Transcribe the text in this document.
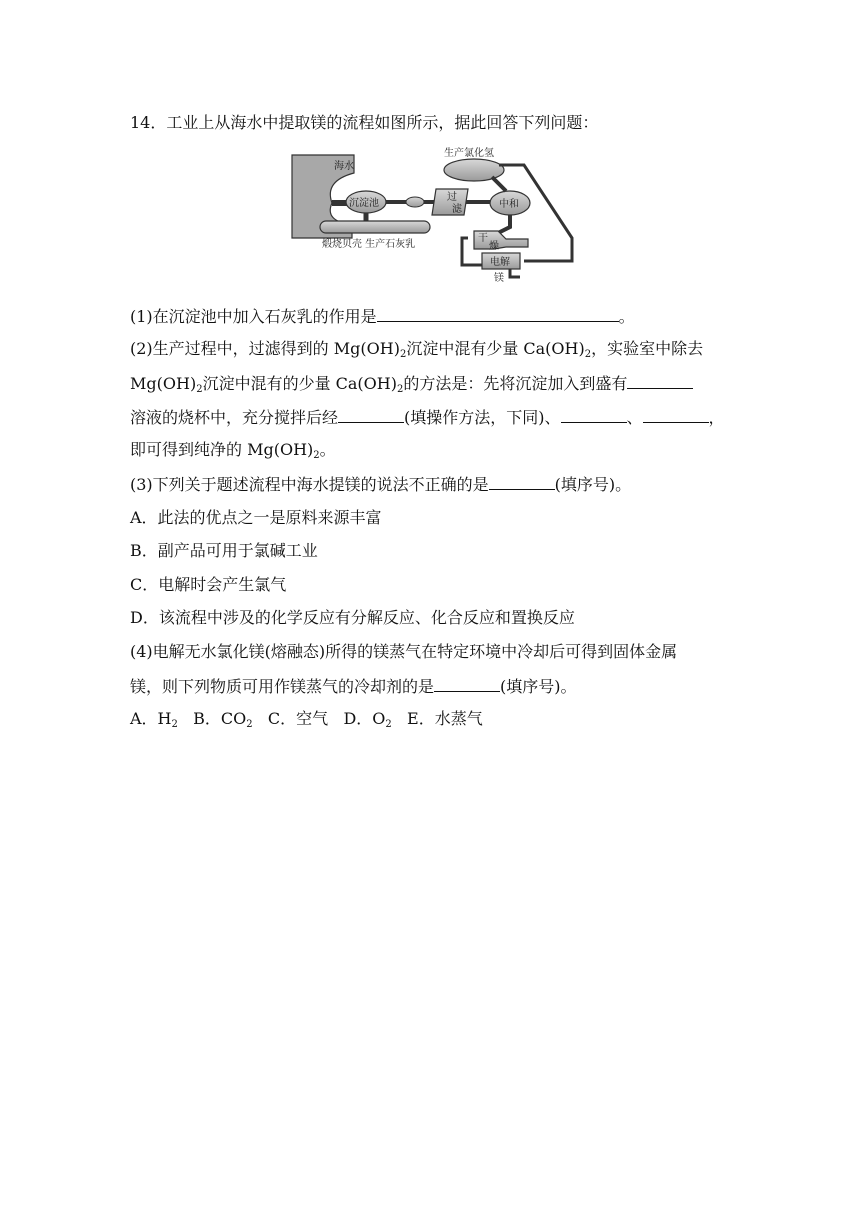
14．工业上从海水中提取镁的流程如图所示，据此回答下列问题：
海水
沉淀池
煅烧贝壳 生产石灰乳
过
滤	中和
生产氯化氢
干
燥
电解
镁
(1)在沉淀池中加入石灰乳的作用是	。
(2)生产过程中，过滤得到的 $Mg(OH)_2$沉淀中混有少量 $Ca(OH)_2$，实验室中除去
$Mg(OH)_2$沉淀中混有的少量 $Ca(OH)_2$的方法是：先将沉淀加入到盛有
溶液的烧杯中，充分搅拌后经	(填操作方法，下同)、	、	，
即可得到纯净的 $Mg(OH)_2$。
(3)下列关于题述流程中海水提镁的说法不正确的是	(填序号)。
A．此法的优点之一是原料来源丰富
B．副产品可用于氯碱工业
C．电解时会产生氯气
D．该流程中涉及的化学反应有分解反应、化合反应和置换反应
(4)电解无水氯化镁(熔融态)所得的镁蒸气在特定环境中冷却后可得到固体金属
镁，则下列物质可用作镁蒸气的冷却剂的是	(填序号)。
A．$H_2$ B．$CO_2$ C．空气 D．$O_2$ E．水蒸气
